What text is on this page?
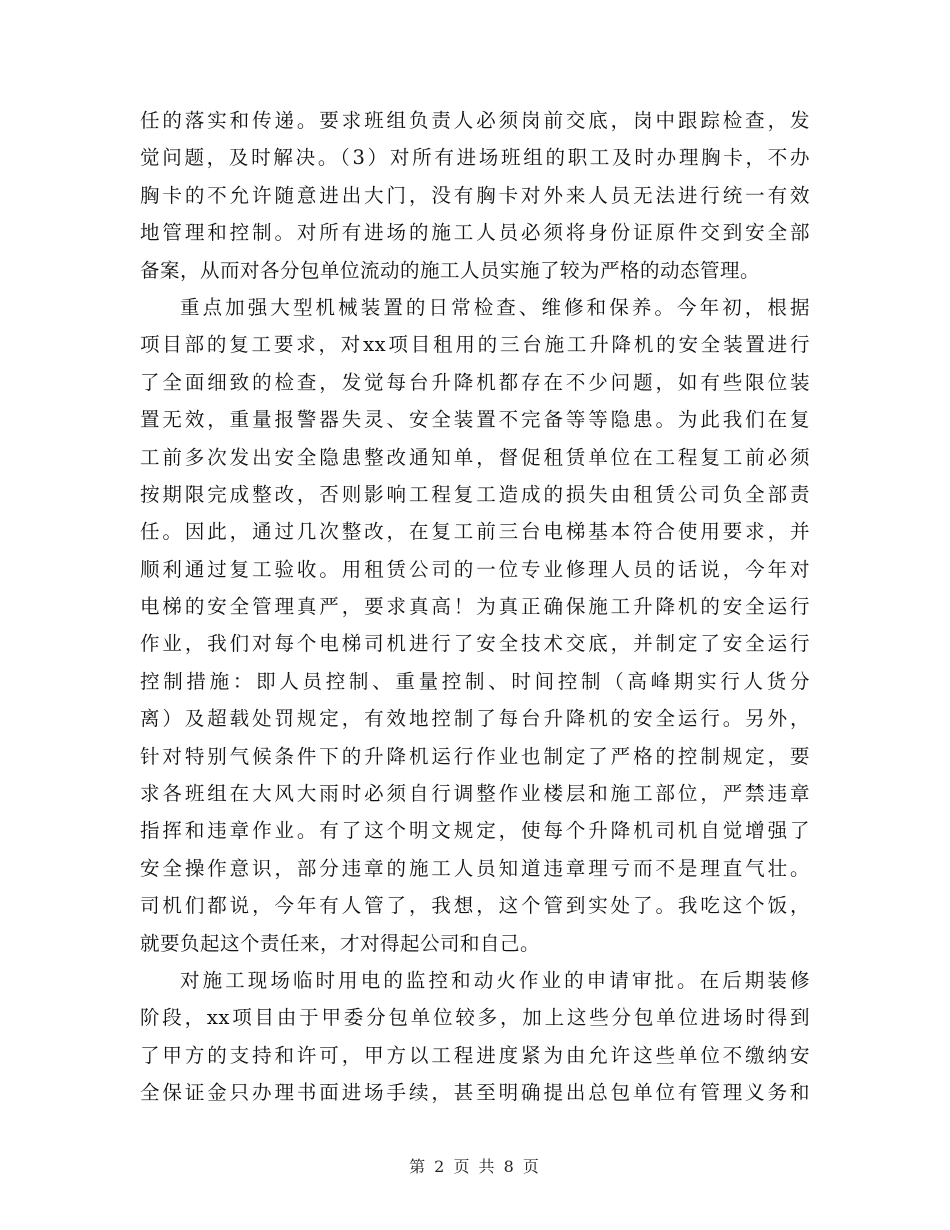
任的落实和传递。要求班组负责人必须岗前交底，岗中跟踪检查，发
觉问题，及时解决。（3）对所有进场班组的职工及时办理胸卡，不办
胸卡的不允许随意进出大门，没有胸卡对外来人员无法进行统一有效
地管理和控制。对所有进场的施工人员必须将身份证原件交到安全部
备案，从而对各分包单位流动的施工人员实施了较为严格的动态管理。
重点加强大型机械装置的日常检查、维修和保养。今年初，根据
项目部的复工要求，对xx项目租用的三台施工升降机的安全装置进行
了全面细致的检查，发觉每台升降机都存在不少问题，如有些限位装
置无效，重量报警器失灵、安全装置不完备等等隐患。为此我们在复
工前多次发出安全隐患整改通知单，督促租赁单位在工程复工前必须
按期限完成整改，否则影响工程复工造成的损失由租赁公司负全部责
任。因此，通过几次整改，在复工前三台电梯基本符合使用要求，并
顺利通过复工验收。用租赁公司的一位专业修理人员的话说，今年对
电梯的安全管理真严，要求真高！为真正确保施工升降机的安全运行
作业，我们对每个电梯司机进行了安全技术交底，并制定了安全运行
控制措施：即人员控制、重量控制、时间控制（高峰期实行人货分
离）及超载处罚规定，有效地控制了每台升降机的安全运行。另外，
针对特别气候条件下的升降机运行作业也制定了严格的控制规定，要
求各班组在大风大雨时必须自行调整作业楼层和施工部位，严禁违章
指挥和违章作业。有了这个明文规定，使每个升降机司机自觉增强了
安全操作意识，部分违章的施工人员知道违章理亏而不是理直气壮。
司机们都说，今年有人管了，我想，这个管到实处了。我吃这个饭，
就要负起这个责任来，才对得起公司和自己。
对施工现场临时用电的监控和动火作业的申请审批。在后期装修
阶段，xx项目由于甲委分包单位较多，加上这些分包单位进场时得到
了甲方的支持和许可，甲方以工程进度紧为由允许这些单位不缴纳安
全保证金只办理书面进场手续，甚至明确提出总包单位有管理义务和
第 2 页 共 8 页
